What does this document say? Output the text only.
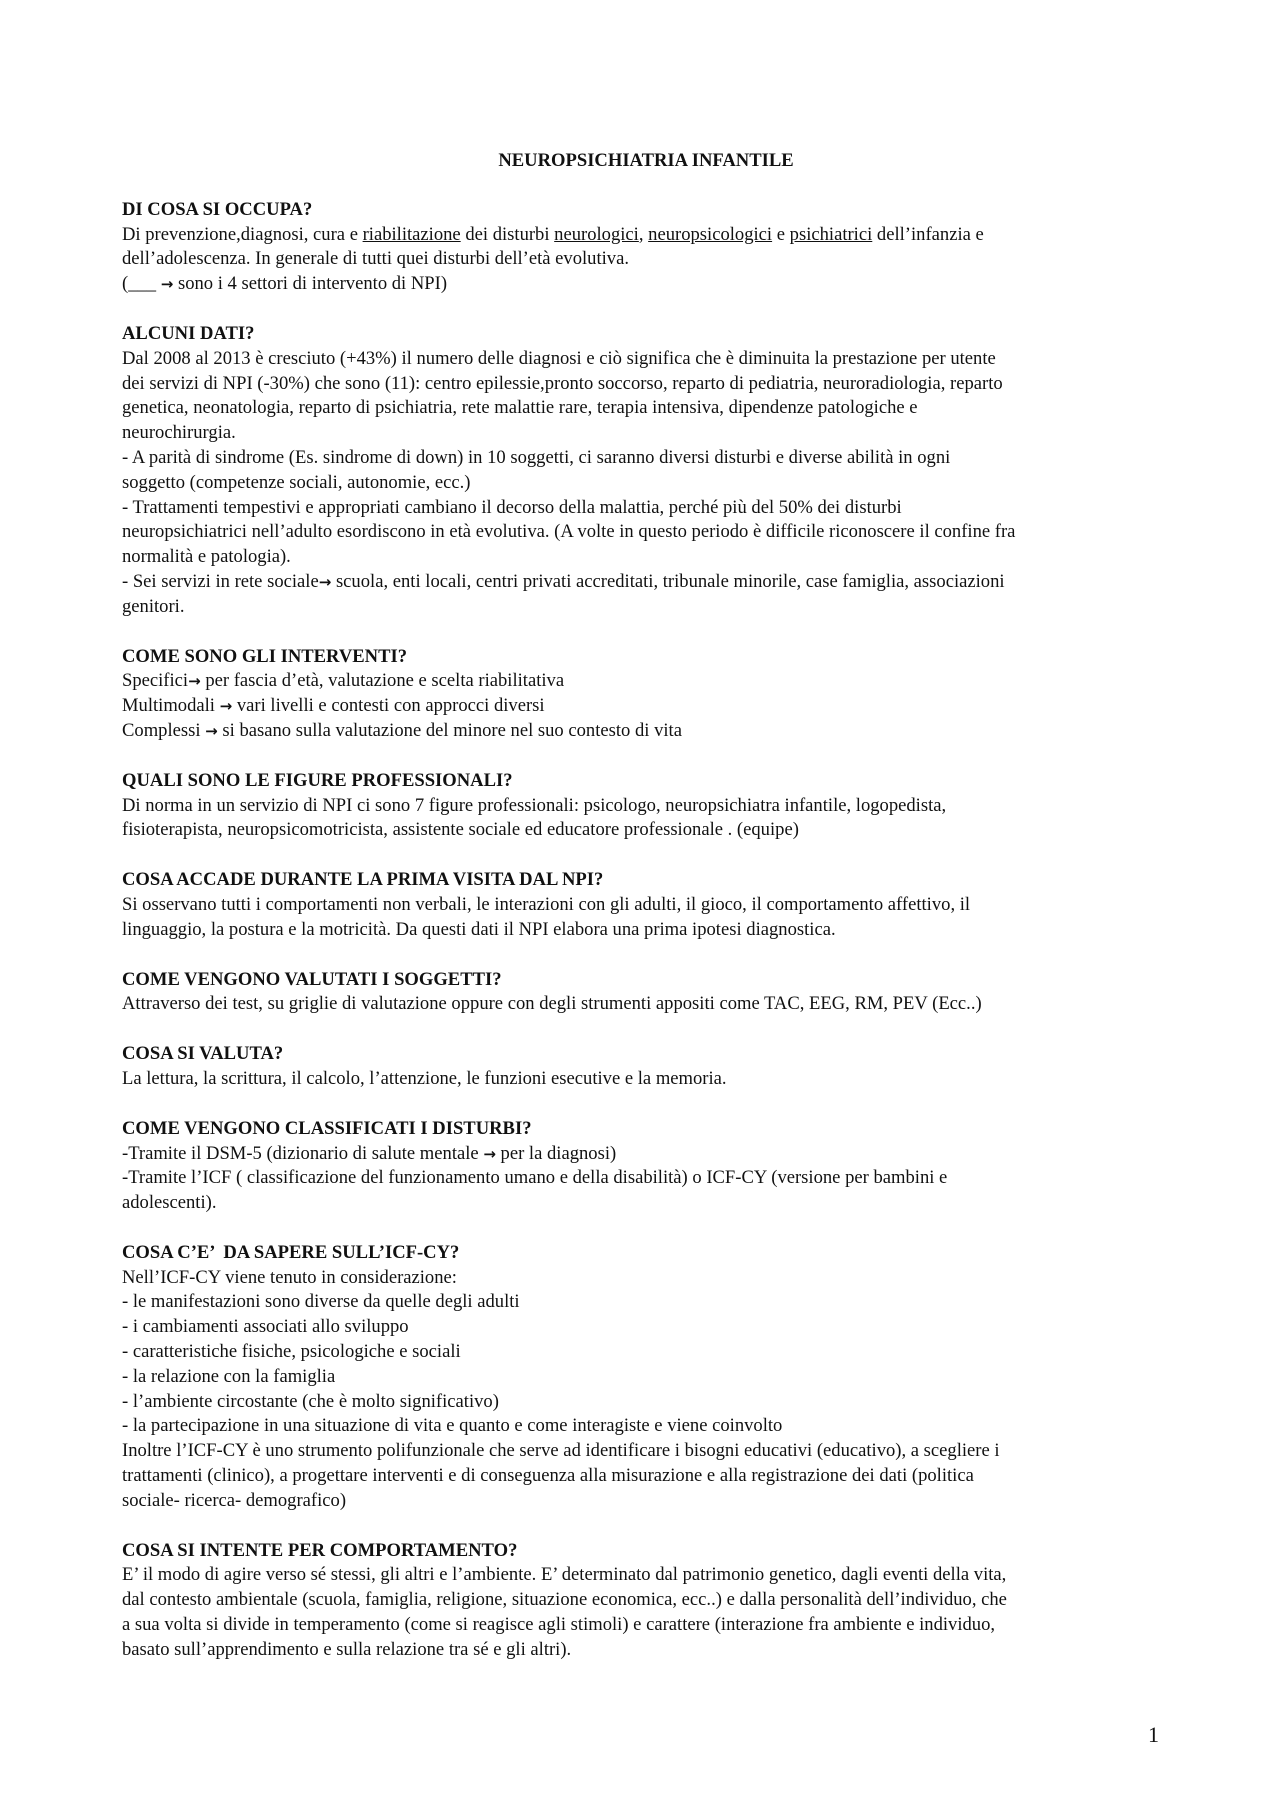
NEUROPSICHIATRIA INFANTILE
DI COSA SI OCCUPA?
Di prevenzione,diagnosi, cura e riabilitazione dei disturbi neurologici, neuropsicologici e psichiatrici dell’infanzia e
dell’adolescenza. In generale di tutti quei disturbi dell’età evolutiva.
(___ → sono i 4 settori di intervento di NPI)
ALCUNI DATI?
Dal 2008 al 2013 è cresciuto (+43%) il numero delle diagnosi e ciò significa che è diminuita la prestazione per utente
dei servizi di NPI (-30%) che sono (11): centro epilessie,pronto soccorso, reparto di pediatria, neuroradiologia, reparto
genetica, neonatologia, reparto di psichiatria, rete malattie rare, terapia intensiva, dipendenze patologiche e
neurochirurgia.
- A parità di sindrome (Es. sindrome di down) in 10 soggetti, ci saranno diversi disturbi e diverse abilità in ogni
soggetto (competenze sociali, autonomie, ecc.)
- Trattamenti tempestivi e appropriati cambiano il decorso della malattia, perché più del 50% dei disturbi
neuropsichiatrici nell’adulto esordiscono in età evolutiva. (A volte in questo periodo è difficile riconoscere il confine fra
normalità e patologia).
- Sei servizi in rete sociale→ scuola, enti locali, centri privati accreditati, tribunale minorile, case famiglia, associazioni
genitori.
COME SONO GLI INTERVENTI?
Specifici→ per fascia d’età, valutazione e scelta riabilitativa
Multimodali → vari livelli e contesti con approcci diversi
Complessi → si basano sulla valutazione del minore nel suo contesto di vita
QUALI SONO LE FIGURE PROFESSIONALI?
Di norma in un servizio di NPI ci sono 7 figure professionali: psicologo, neuropsichiatra infantile, logopedista,
fisioterapista, neuropsicomotricista, assistente sociale ed educatore professionale . (equipe)
COSA ACCADE DURANTE LA PRIMA VISITA DAL NPI?
Si osservano tutti i comportamenti non verbali, le interazioni con gli adulti, il gioco, il comportamento affettivo, il
linguaggio, la postura e la motricità. Da questi dati il NPI elabora una prima ipotesi diagnostica.
COME VENGONO VALUTATI I SOGGETTI?
Attraverso dei test, su griglie di valutazione oppure con degli strumenti appositi come TAC, EEG, RM, PEV (Ecc..)
COSA SI VALUTA?
La lettura, la scrittura, il calcolo, l’attenzione, le funzioni esecutive e la memoria.
COME VENGONO CLASSIFICATI I DISTURBI?
-Tramite il DSM-5 (dizionario di salute mentale → per la diagnosi)
-Tramite l’ICF ( classificazione del funzionamento umano e della disabilità) o ICF-CY (versione per bambini e
adolescenti).
COSA C’E’  DA SAPERE SULL’ICF-CY?
Nell’ICF-CY viene tenuto in considerazione:
- le manifestazioni sono diverse da quelle degli adulti
- i cambiamenti associati allo sviluppo
- caratteristiche fisiche, psicologiche e sociali
- la relazione con la famiglia
- l’ambiente circostante (che è molto significativo)
- la partecipazione in una situazione di vita e quanto e come interagiste e viene coinvolto
Inoltre l’ICF-CY è uno strumento polifunzionale che serve ad identificare i bisogni educativi (educativo), a scegliere i
trattamenti (clinico), a progettare interventi e di conseguenza alla misurazione e alla registrazione dei dati (politica
sociale- ricerca- demografico)
COSA SI INTENTE PER COMPORTAMENTO?
E’ il modo di agire verso sé stessi, gli altri e l’ambiente. E’ determinato dal patrimonio genetico, dagli eventi della vita,
dal contesto ambientale (scuola, famiglia, religione, situazione economica, ecc..) e dalla personalità dell’individuo, che
a sua volta si divide in temperamento (come si reagisce agli stimoli) e carattere (interazione fra ambiente e individuo,
basato sull’apprendimento e sulla relazione tra sé e gli altri).
1
